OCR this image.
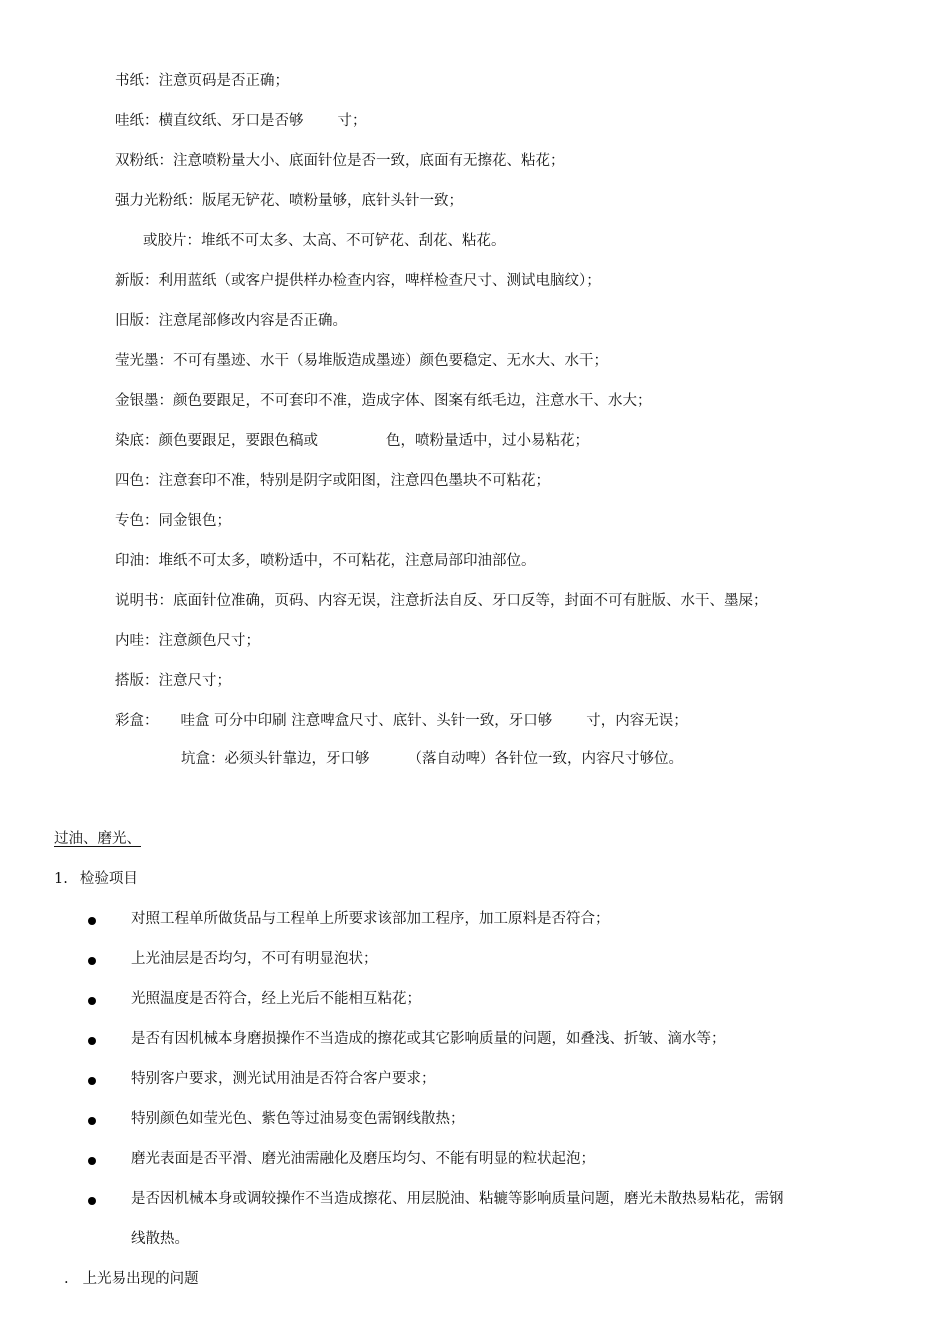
书纸：注意页码是否正确；
哇纸：横直纹纸、牙口是否够 寸；
双粉纸：注意喷粉量大小、底面针位是否一致，底面有无擦花、粘花；
强力光粉纸：版尾无铲花、喷粉量够，底针头针一致；
或胶片：堆纸不可太多、太高、不可铲花、刮花、粘花。
新版：利用蓝纸（或客户提供样办检查内容，啤样检查尺寸、测试电脑纹）；
旧版：注意尾部修改内容是否正确。
莹光墨：不可有墨迹、水干（易堆版造成墨迹）颜色要稳定、无水大、水干；
金银墨：颜色要跟足，不可套印不准，造成字体、图案有纸毛边，注意水干、水大；
染底：颜色要跟足，要跟色稿或	色，喷粉量适中，过小易粘花；
四色：注意套印不准，特别是阴字或阳图，注意四色墨块不可粘花；
专色：同金银色；
印油：堆纸不可太多，喷粉适中，不可粘花，注意局部印油部位。
说明书：底面针位准确，页码、内容无误，注意折法自反、牙口反等，封面不可有脏版、水干、墨屎；
内哇：注意颜色尺寸；
搭版：注意尺寸；
彩盒： 哇盒 可分中印刷 注意啤盒尺寸、底针、头针一致，牙口够 寸，内容无误；
坑盒：必须头针靠边，牙口够	（落自动啤）各针位一致，内容尺寸够位。
过油、磨光、
1. 检验项目
对照工程单所做货品与工程单上所要求该部加工程序，加工原料是否符合；
上光油层是否均匀，不可有明显泡状；
光照温度是否符合，经上光后不能相互粘花；
是否有因机械本身磨损操作不当造成的擦花或其它影响质量的问题，如叠浅、折皱、滴水等；
特别客户要求，测光试用油是否符合客户要求；
特别颜色如莹光色、紫色等过油易变色需钢线散热；
磨光表面是否平滑、磨光油需融化及磨压均匀、不能有明显的粒状起泡；
是否因机械本身或调较操作不当造成擦花、用层脱油、粘辘等影响质量问题，磨光未散热易粘花，需钢
线散热。
. 上光易出现的问题
